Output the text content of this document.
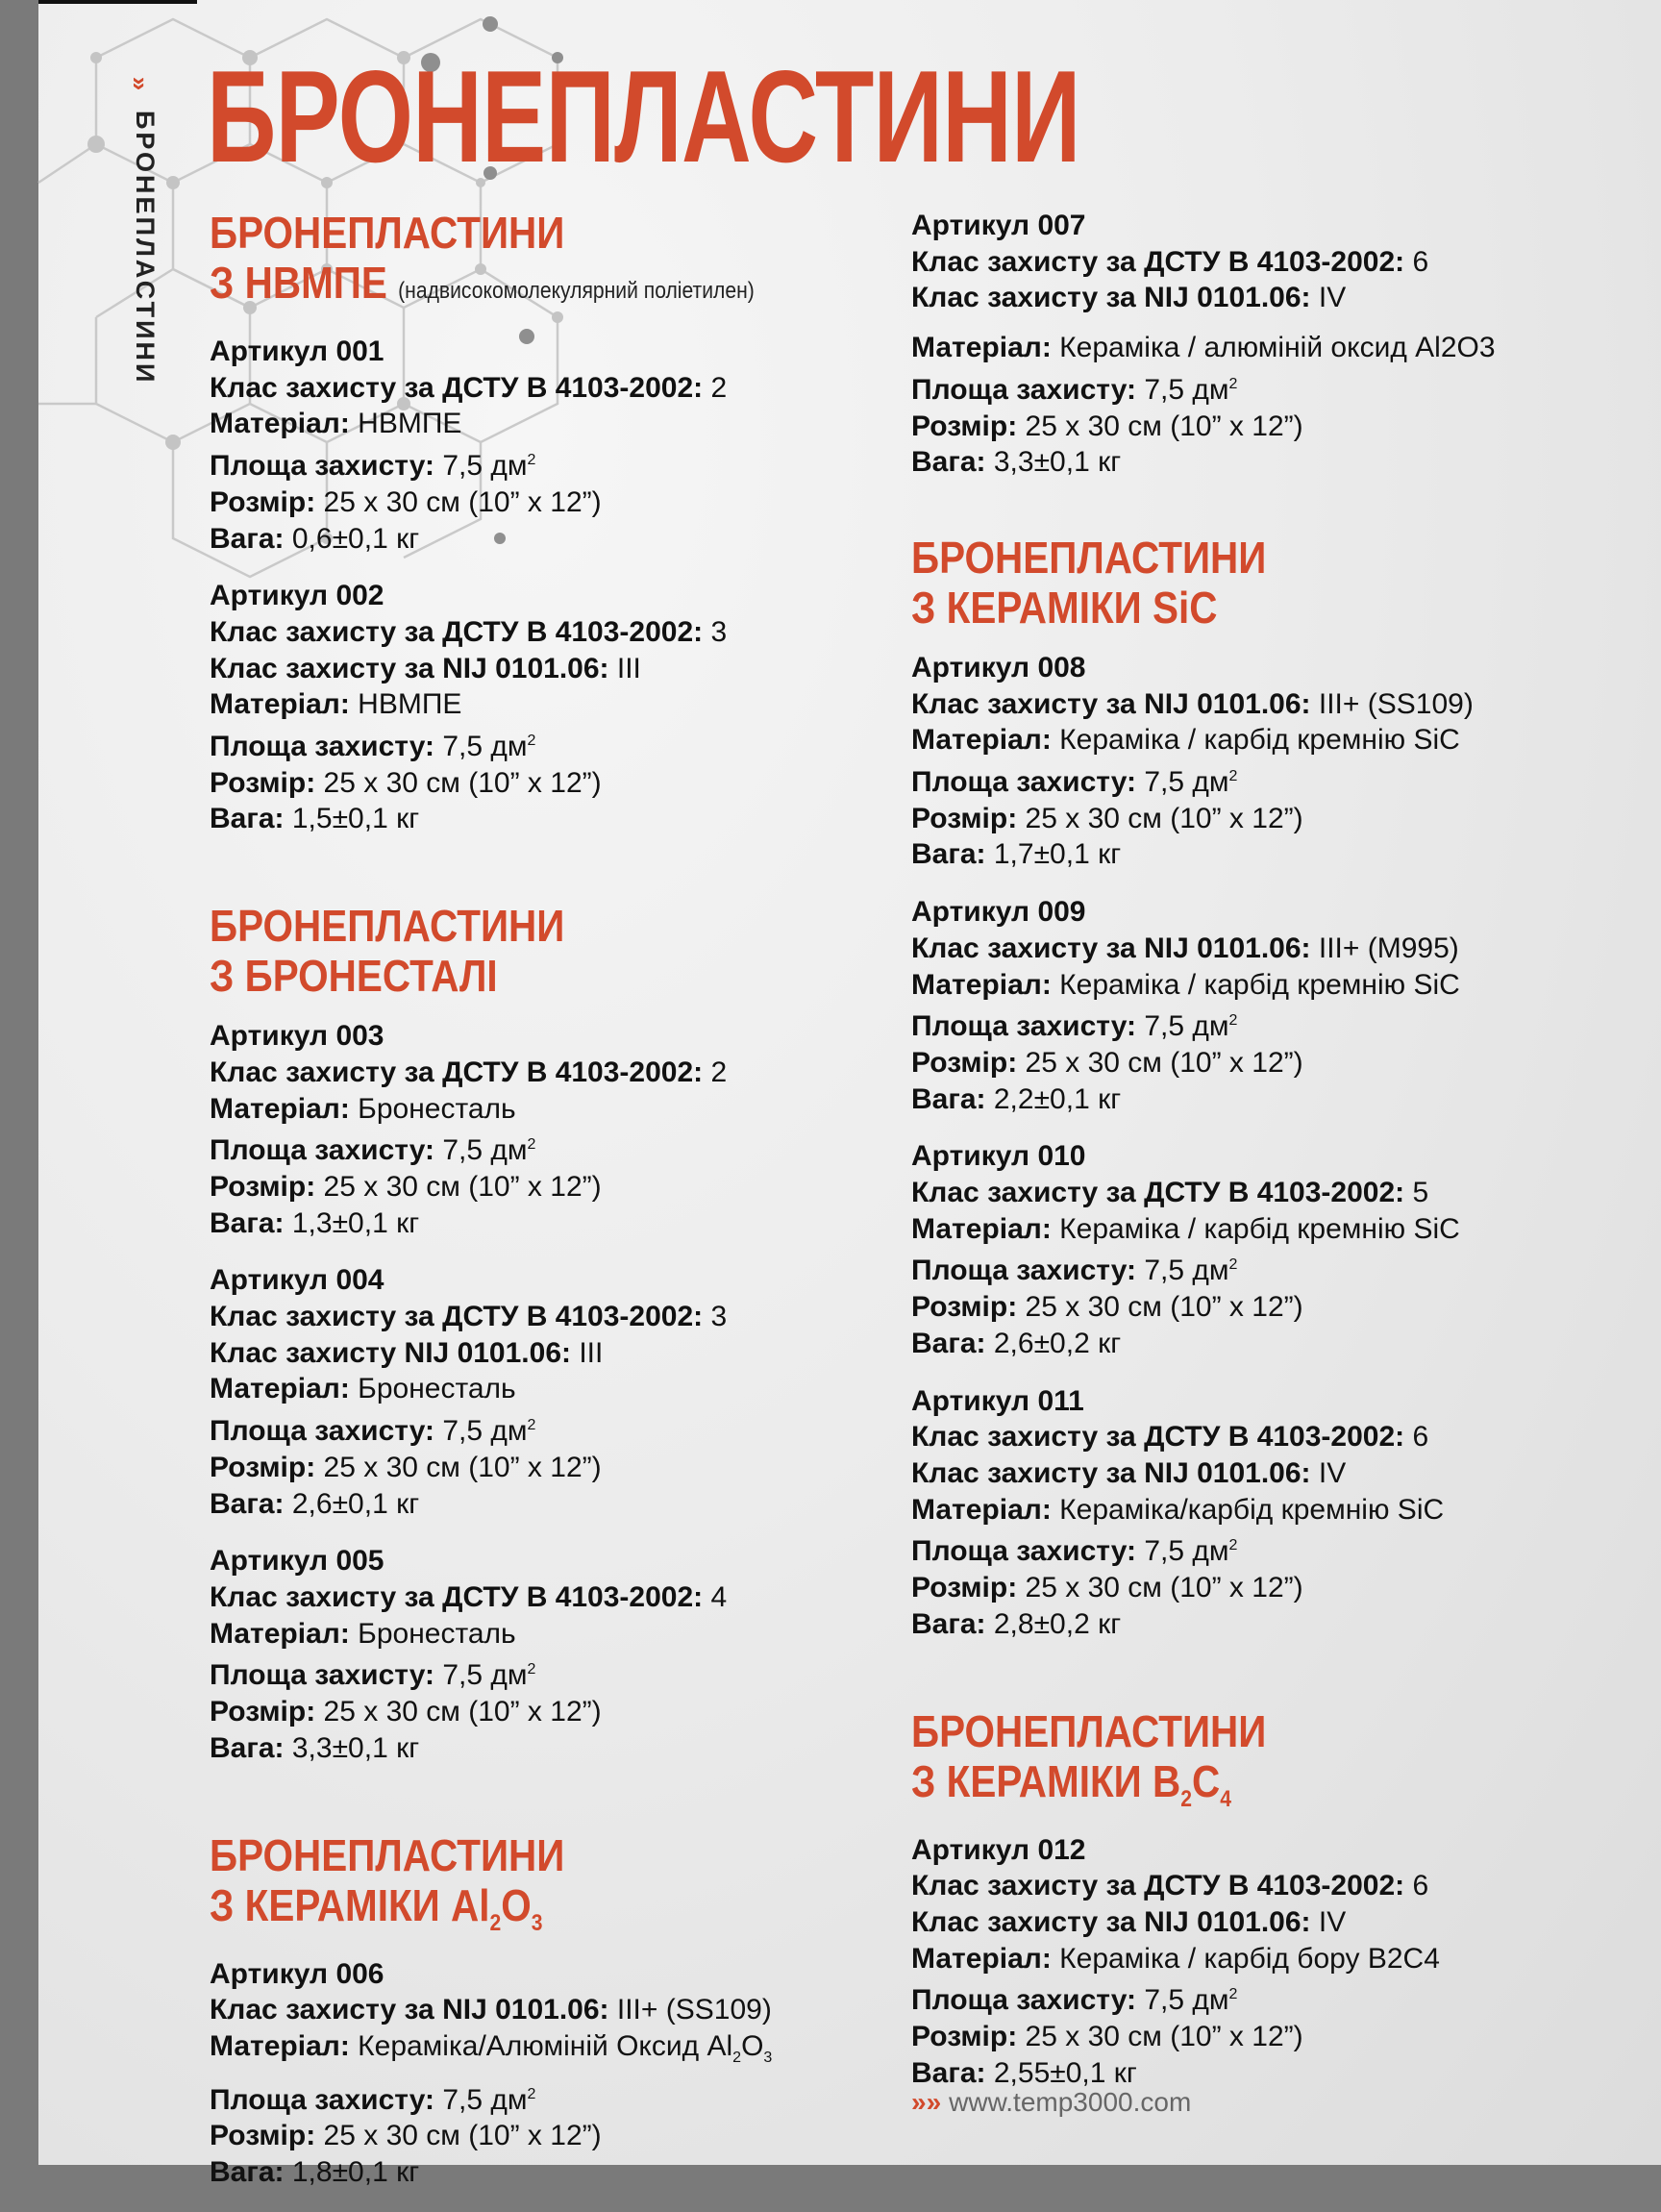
»
БРОНЕПЛАСТИНИ БРОНЕПЛАСТИНИ
БРОНЕПЛАСТИНИ
З НВМПЕ (надвисокомолекулярний поліетилен)
Артикул 001
Клас захисту за ДСТУ В 4103-2002: 2
Матеріал: НВМПЕ
Площа захисту: 7,5 $дм^2$
Розмір: 25 х 30 см (10” х 12”)
Вага: 0,6±0,1 кг
Артикул 002
Клас захисту за ДСТУ В 4103-2002: 3
Клас захисту за NIJ 0101.06: III
Матеріал: НВМПЕ
Площа захисту: 7,5 $дм^2$
Розмір: 25 х 30 см (10” х 12”)
Вага: 1,5±0,1 кг
БРОНЕПЛАСТИНИ
З БРОНЕСТАЛІ
Артикул 003
Клас захисту за ДСТУ В 4103-2002: 2
Матеріал: Бронесталь
Площа захисту: 7,5 $дм^2$
Розмір: 25 х 30 см (10” х 12”)
Вага: 1,3±0,1 кг
Артикул 004
Клас захисту за ДСТУ В 4103-2002: 3
Клас захисту NIJ 0101.06: III
Матеріал: Бронесталь
Площа захисту: 7,5 $дм^2$
Розмір: 25 х 30 см (10” х 12”)
Вага: 2,6±0,1 кг
Артикул 005
Клас захисту за ДСТУ В 4103-2002: 4
Матеріал: Бронесталь
Площа захисту: 7,5 $дм^2$
Розмір: 25 х 30 см (10” х 12”)
Вага: 3,3±0,1 кг
БРОНЕПЛАСТИНИ
З КЕРАМІКИ $Al_2O_3$
Артикул 006
Клас захисту за NIJ 0101.06: III+ (SS109)
Матеріал: Кераміка/Алюміній Оксид $Al_2O_3$
Площа захисту: 7,5 $дм^2$
Розмір: 25 х 30 см (10” х 12”)
Вага: 1,8±0,1 кг
Артикул 007
Клас захисту за ДСТУ В 4103-2002: 6
Клас захисту за NIJ 0101.06: IV
Матеріал: Кераміка / алюміній оксид Al2O3
Площа захисту: 7,5 $дм^2$
Розмір: 25 х 30 см (10” х 12”)
Вага: 3,3±0,1 кг
БРОНЕПЛАСТИНИ
З КЕРАМІКИ SiC
Артикул 008
Клас захисту за NIJ 0101.06: III+ (SS109)
Матеріал: Кераміка / карбід кремнію SiC
Площа захисту: 7,5 $дм^2$
Розмір: 25 х 30 см (10” х 12”)
Вага: 1,7±0,1 кг
Артикул 009
Клас захисту за NIJ 0101.06: III+ (M995)
Матеріал: Кераміка / карбід кремнію SiC
Площа захисту: 7,5 $дм^2$
Розмір: 25 х 30 см (10” х 12”)
Вага: 2,2±0,1 кг
Артикул 010
Клас захисту за ДСТУ В 4103-2002: 5
Матеріал: Кераміка / карбід кремнію SiC
Площа захисту: 7,5 $дм^2$
Розмір: 25 х 30 см (10” х 12”)
Вага: 2,6±0,2 кг
Артикул 011
Клас захисту за ДСТУ В 4103-2002: 6
Клас захисту за NIJ 0101.06: IV
Матеріал: Кераміка/карбід кремнію SiC
Площа захисту: 7,5 $дм^2$
Розмір: 25 х 30 см (10” х 12”)
Вага: 2,8±0,2 кг
БРОНЕПЛАСТИНИ
З КЕРАМІКИ $B_2C_4$
Артикул 012
Клас захисту за ДСТУ В 4103-2002: 6
Клас захисту за NIJ 0101.06: IV
Матеріал: Кераміка / карбід бору B2C4
Площа захисту: 7,5 $дм^2$
Розмір: 25 х 30 см (10” х 12”)
Вага: 2,55±0,1 кг
»» www.temp3000.com
